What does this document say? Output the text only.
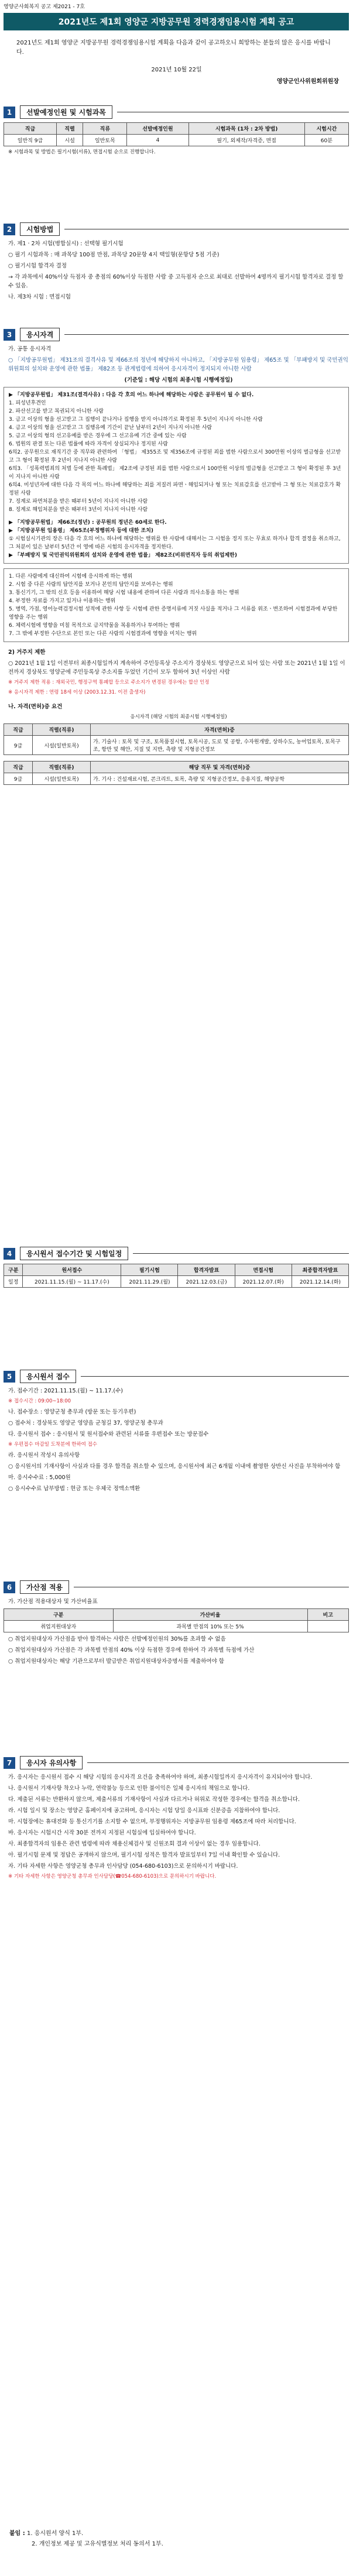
영양군사회복지 공고 제2021 - 7호
2021년도 제1회 영양군 지방공무원 경력경쟁임용시험 계획 공고
2021년도 제1회 영양군 지방공무원 경력경쟁임용시험 계획을 다음과 같이 공고하오니 희망하는 분들의 많은 응시를 바랍니다.
2021년 10월 22일
영양군인사위원회위원장
1	선발예정인원 및 시험과목
직급	직렬	직류	선발예정인원	시험과목 (1차 : 2차 방법)	시험시간
일반직 9급	시설	일반토목	4	필기, 외제작/자격증, 면접	60분
※ 시험과목 및 방법은 필기시험(서류), 면접시험 순으로 진행합니다.
2	시험방법
가. 제1 · 2차 시험(병합실시) : 선택형 필기시험
○ 필기 시험과목 : 매 과목당 100점 만점, 과목당 20문항 4지 택일형(문항당 5점 기준)
○ 필기시험 합격자 결정
→ 각 과목에서 40%이상 득점자 중 총점의 60%이상 득점한 사람 중 고득점자 순으로 최대로 선발하여 4명까지 필기시험 합격자로 결정 할 수 있음.
나. 제3차 시험 : 면접시험
3	응시자격
가. 공통 응시자격
○ 「지방공무원법」 제31조의 결격사유 및 제66조의 정년에 해당하지 아니하고, 「지방공무원 임용령」 제65조 및 「부패방지 및 국민권익위원회의 설치와 운영에 관한 법률」 제82조 등 관계법령에 의하여 응시자격이 정지되지 아니한 사람
(기준일 : 해당 시험의 최종시험 시행예정일)
▶ 「지방공무원법」 제31조(결격사유) : 다음 각 호의 어느 하나에 해당하는 사람은 공무원이 될 수 없다.
1. 피성년후견인
2. 파산선고를 받고 복권되지 아니한 사람
3. 금고 이상의 형을 선고받고 그 집행이 끝나거나 집행을 받지 아니하기로 확정된 후 5년이 지나지 아니한 사람
4. 금고 이상의 형을 선고받고 그 집행유예 기간이 끝난 날부터 2년이 지나지 아니한 사람
5. 금고 이상의 형의 선고유예를 받은 경우에 그 선고유예 기간 중에 있는 사람
6. 법원의 판결 또는 다른 법률에 따라 자격이 상실되거나 정지된 사람
6의2. 공무원으로 재직기간 중 직무와 관련하여 「형법」 제355조 및 제356조에 규정된 죄를 범한 사람으로서 300만원 이상의 벌금형을 선고받고 그 형이 확정된 후 2년이 지나지 아니한 사람
6의3. 「성폭력범죄의 처벌 등에 관한 특례법」 제2조에 규정된 죄를 범한 사람으로서 100만원 이상의 벌금형을 선고받고 그 형이 확정된 후 3년이 지나지 아니한 사람
6의4. 미성년자에 대한 다음 각 목의 어느 하나에 해당하는 죄를 저질러 파면ㆍ해임되거나 형 또는 치료감호를 선고받아 그 형 또는 치료감호가 확정된 사람
7. 징계로 파면처분을 받은 때부터 5년이 지나지 아니한 사람
8. 징계로 해임처분을 받은 때부터 3년이 지나지 아니한 사람
▶ 「지방공무원법」 제66조(정년) : 공무원의 정년은 60세로 한다.
▶ 「지방공무원 임용령」 제65조(부정행위자 등에 대한 조치)
① 시험실시기관의 장은 다음 각 호의 어느 하나에 해당하는 행위를 한 사람에 대해서는 그 시험을 정지 또는 무효로 하거나 합격 결정을 취소하고, 그 처분이 있은 날부터 5년간 이 영에 따른 시험의 응시자격을 정지한다.
▶ 「부패방지 및 국민권익위원회의 설치와 운영에 관한 법률」 제82조(비위면직자 등의 취업제한)
1. 다른 사람에게 대신하여 시험에 응시하게 하는 행위
2. 시험 중 다른 사람의 답안지를 보거나 본인의 답안지를 보여주는 행위
3. 통신기기, 그 밖의 신호 등을 이용하여 해당 시험 내용에 관하여 다른 사람과 의사소통을 하는 행위
4. 부정한 자료를 가지고 있거나 이용하는 행위
5. 병역, 가점, 영어능력검정시험 성적에 관한 사항 등 시험에 관한 증명서류에 거짓 사실을 적거나 그 서류를 위조ㆍ변조하여 시험결과에 부당한 영향을 주는 행위
6. 체력시험에 영향을 미칠 목적으로 금지약물을 복용하거나 투여하는 행위
7. 그 밖에 부정한 수단으로 본인 또는 다른 사람의 시험결과에 영향을 미치는 행위
2) 거주지 제한
○ 2021년 1월 1일 이전부터 최종시험일까지 계속하여 주민등록상 주소지가 경상북도 영양군으로 되어 있는 사람 또는 2021년 1월 1일 이전까지 경상북도 영양군에 주민등록상 주소지를 두었던 기간이 모두 합하여 3년 이상인 사람
※ 거주지 제한 적용 : 재외국민, 행정구역 통폐합 등으로 주소지가 변경된 경우에는 합산 인정
※ 응시자격 제한 : 연령 18세 이상 (2003.12.31. 이전 출생자)
나. 자격(면허)증 요건
응시자격 (해당 시험의 최종시험 시행예정일)
직급	직렬(직류)	자격(면허)증
9급	시설(일반토목)	가. 기술사 : 토목 및 구조, 토목품질시험, 토목시공, 도로 및 공항, 수자원개발, 상하수도, 농어업토목, 토목구조, 항만 및 해안, 지질 및 지반, 측량 및 지형공간정보
직급	직렬(직류)	해당 직무 및 자격(면허)증
9급	시설(일반토목)	가. 기사 : 건설재료시험, 콘크리트, 토목, 측량 및 지형공간정보, 응용지질, 해양공학
4	응시원서 접수기간 및 시험일정
구분	원서접수	필기시험	합격자발표	면접시험	최종합격자발표
일정	2021.11.15.(월) ~ 11.17.(수)	2021.11.29.(월)	2021.12.03.(금)	2021.12.07.(화)	2021.12.14.(화)
5	응시원서 접수
가. 접수기간 : 2021.11.15.(월) ~ 11.17.(수)
※ 접수시간 : 09:00~18:00
나. 접수장소 : 영양군청 총무과 (방문 또는 등기우편)
○ 접수처 : 경상북도 영양군 영양읍 군청길 37, 영양군청 총무과
다. 응시원서 접수 : 응시원서 및 원서접수와 관련된 서류를 우편접수 또는 방문접수
※ 우편접수 마감일 도착분에 한하여 접수
라. 응시원서 작성시 유의사항
○ 응시원서의 기재사항이 사실과 다를 경우 합격을 취소할 수 있으며, 응시원서에 최근 6개월 이내에 촬영한 상반신 사진을 부착하여야 함
마. 응시수수료 : 5,000원
○ 응시수수료 납부방법 : 현금 또는 우체국 정액소액환
6	가산점 적용
가. 가산점 적용대상자 및 가산비율표
구분	가산비율	비고
취업지원대상자	과목별 만점의 10% 또는 5%	
○ 취업지원대상자 가산점을 받아 합격하는 사람은 선발예정인원의 30%를 초과할 수 없음
○ 취업지원대상자 가산점은 각 과목별 만점의 40% 이상 득점한 경우에 한하여 각 과목별 득점에 가산
○ 취업지원대상자는 해당 기관으로부터 발급받은 취업지원대상자증명서를 제출하여야 함
7	응시자 유의사항
가. 응시자는 응시원서 접수 시 해당 시험의 응시자격 요건을 충족하여야 하며, 최종시험일까지 응시자격이 유지되어야 합니다.
나. 응시원서 기재사항 착오나 누락, 연락불능 등으로 인한 불이익은 일체 응시자의 책임으로 합니다.
다. 제출된 서류는 반환하지 않으며, 제출서류의 기재사항이 사실과 다르거나 허위로 작성한 경우에는 합격을 취소합니다.
라. 시험 일시 및 장소는 영양군 홈페이지에 공고하며, 응시자는 시험 당일 응시표와 신분증을 지참하여야 합니다.
마. 시험장에는 휴대전화 등 통신기기를 소지할 수 없으며, 부정행위자는 지방공무원 임용령 제65조에 따라 처리합니다.
바. 응시자는 시험시간 시작 30분 전까지 지정된 시험실에 입실하여야 합니다.
사. 최종합격자의 임용은 관련 법령에 따라 채용신체검사 및 신원조회 결과 이상이 없는 경우 임용합니다.
아. 필기시험 문제 및 정답은 공개하지 않으며, 필기시험 성적은 합격자 발표일부터 7일 이내 확인할 수 있습니다.
자. 기타 자세한 사항은 영양군청 총무과 인사담당 (054-680-6103)으로 문의하시기 바랍니다.
※ 기타 자세한 사항은 영양군청 총무과 인사담당(☎054-680-6103)으로 문의하시기 바랍니다.
붙임 : 1. 응시원서 양식 1부.
2. 개인정보 제공 및 고유식별정보 처리 동의서 1부.
